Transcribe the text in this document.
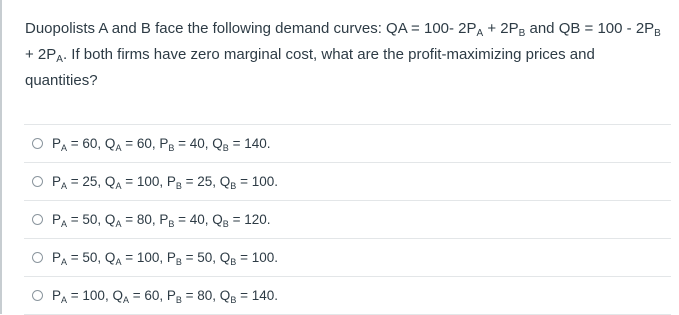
Duopolists A and B face the following demand curves: QA = 100- $2P_A + 2P_B$ and QB = $100 - 2P_B + 2P_A$. If both firms have zero marginal cost, what are the profit-maximizing prices and quantities?
$P_A = 60$, $Q_A = 60$, $P_B = 40$, $Q_B = 140$.
$P_A = 25$, $Q_A = 100$, $P_B = 25$, $Q_B = 100$.
$P_A = 50$, $Q_A = 80$, $P_B = 40$, $Q_B = 120$.
$P_A = 50$, $Q_A = 100$, $P_B = 50$, $Q_B = 100$.
$P_A = 100$, $Q_A = 60$, $P_B = 80$, $Q_B = 140$.
